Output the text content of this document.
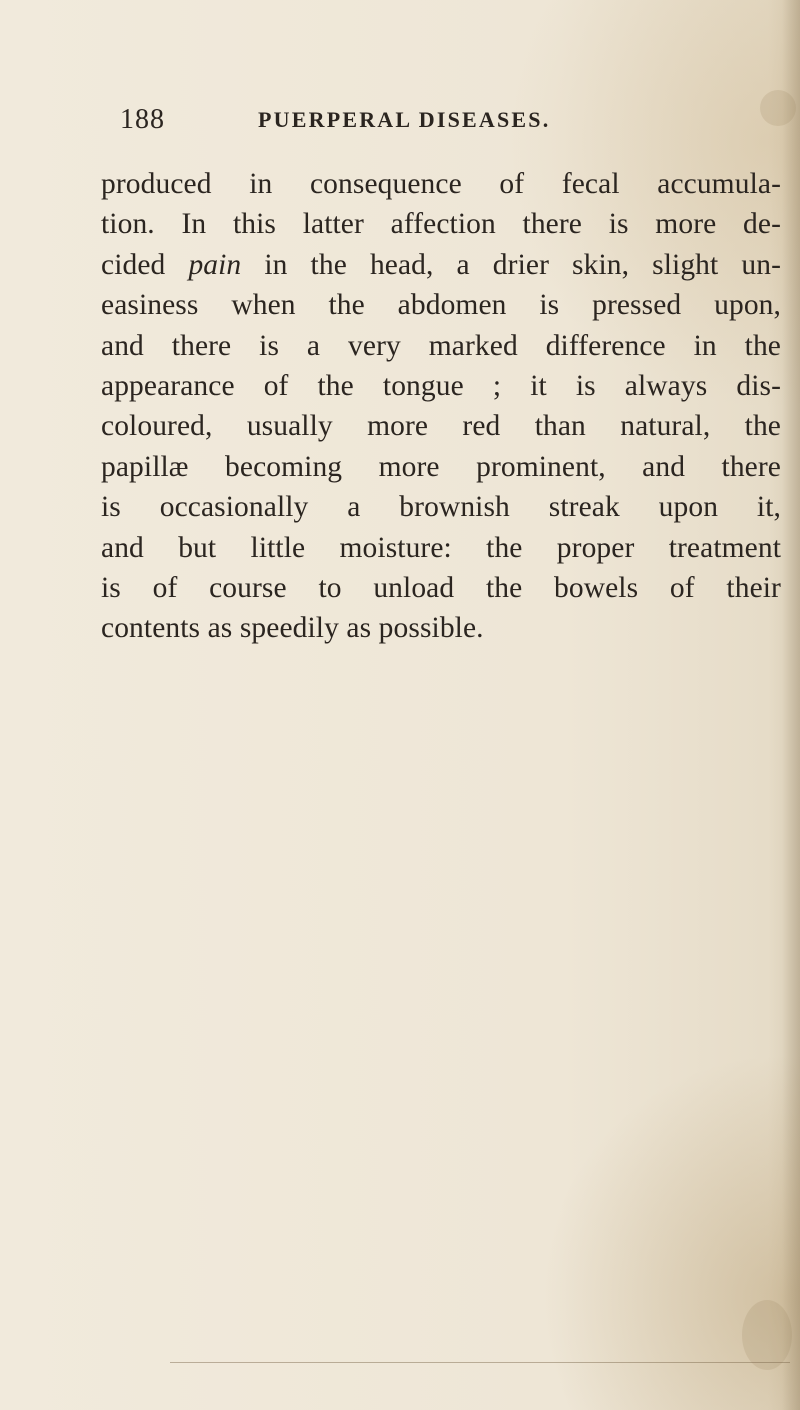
188	PUERPERAL DISEASES.
produced in consequence of fecal accumula-
tion. In this latter affection there is more de-
cided pain in the head, a drier skin, slight un-
easiness when the abdomen is pressed upon,
and there is a very marked difference in the
appearance of the tongue ; it is always dis-
coloured, usually more red than natural, the
papillæ becoming more prominent, and there
is occasionally a brownish streak upon it,
and but little moisture: the proper treatment
is of course to unload the bowels of their
contents as speedily as possible.
